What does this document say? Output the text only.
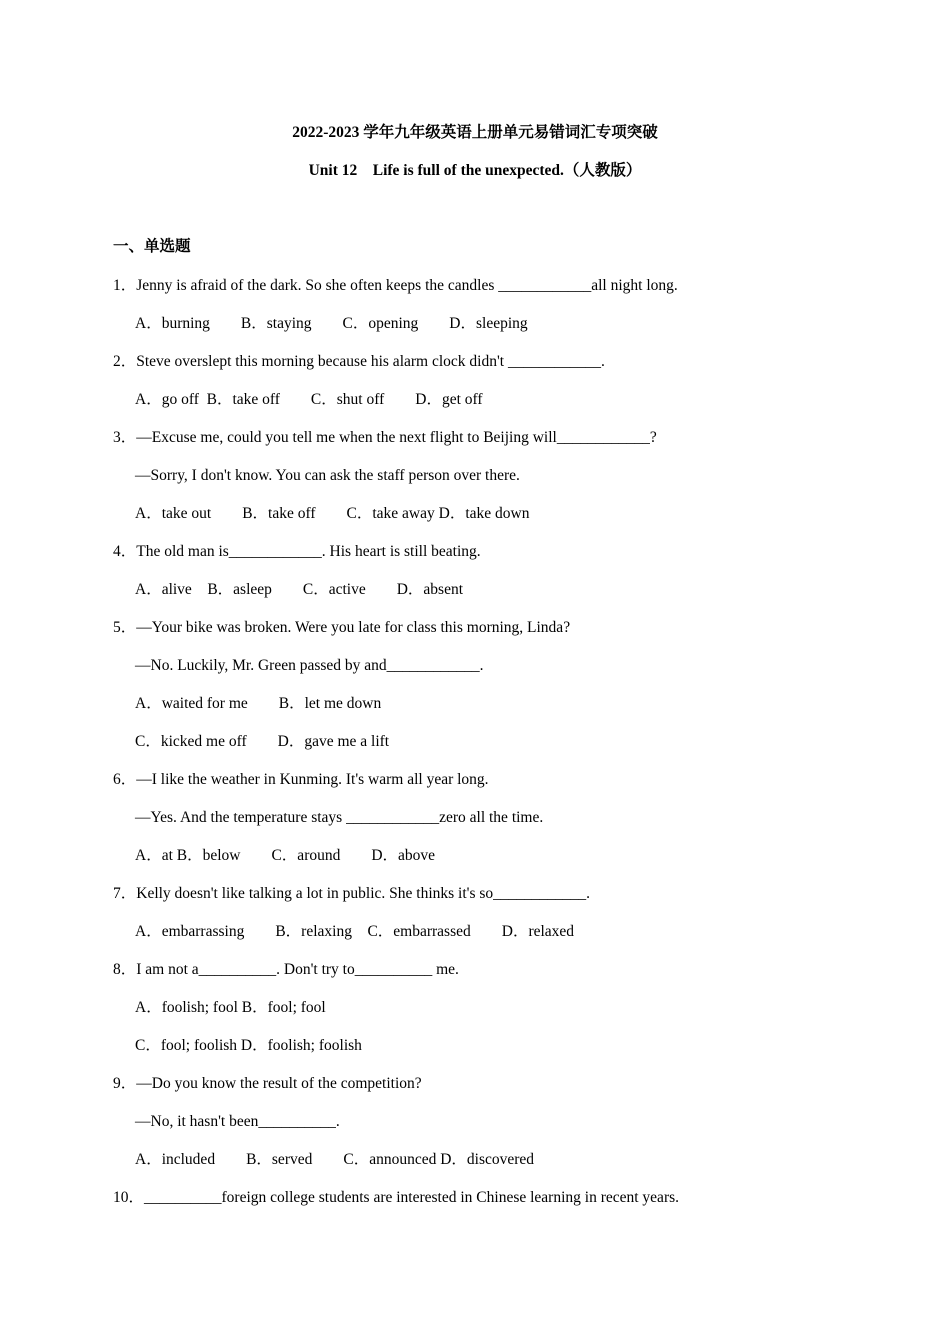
2022-2023 学年九年级英语上册单元易错词汇专项突破
Unit 12　Life is full of the unexpected.（人教版）
一、单选题
1．Jenny is afraid of the dark. So she often keeps the candles ____________all night long.
A．burning　　B．staying　　C．opening　　D．sleeping
2．Steve overslept this morning because his alarm clock didn't ____________.
A．go off  B．take off　　C．shut off　　D．get off
3．—Excuse me, could you tell me when the next flight to Beijing will____________?
—Sorry, I don't know. You can ask the staff person over there.
A．take out　　B．take off　　C．take away D．take down
4．The old man is____________. His heart is still beating.
A．alive　B．asleep　　C．active　　D．absent
5．—Your bike was broken. Were you late for class this morning, Linda?
—No. Luckily, Mr. Green passed by and____________.
A．waited for me　　B．let me down
C．kicked me off　　D．gave me a lift
6．—I like the weather in Kunming. It's warm all year long.
—Yes. And the temperature stays ____________zero all the time.
A．at B．below　　C．around　　D．above
7．Kelly doesn't like talking a lot in public. She thinks it's so____________.
A．embarrassing　　B．relaxing　C．embarrassed　　D．relaxed
8．I am not a__________. Don't try to__________ me.
A．foolish; fool B．fool; fool
C．fool; foolish D．foolish; foolish
9．—Do you know the result of the competition?
—No, it hasn't been__________.
A．included　　B．served　　C．announced D．discovered
10．__________foreign college students are interested in Chinese learning in recent years.
